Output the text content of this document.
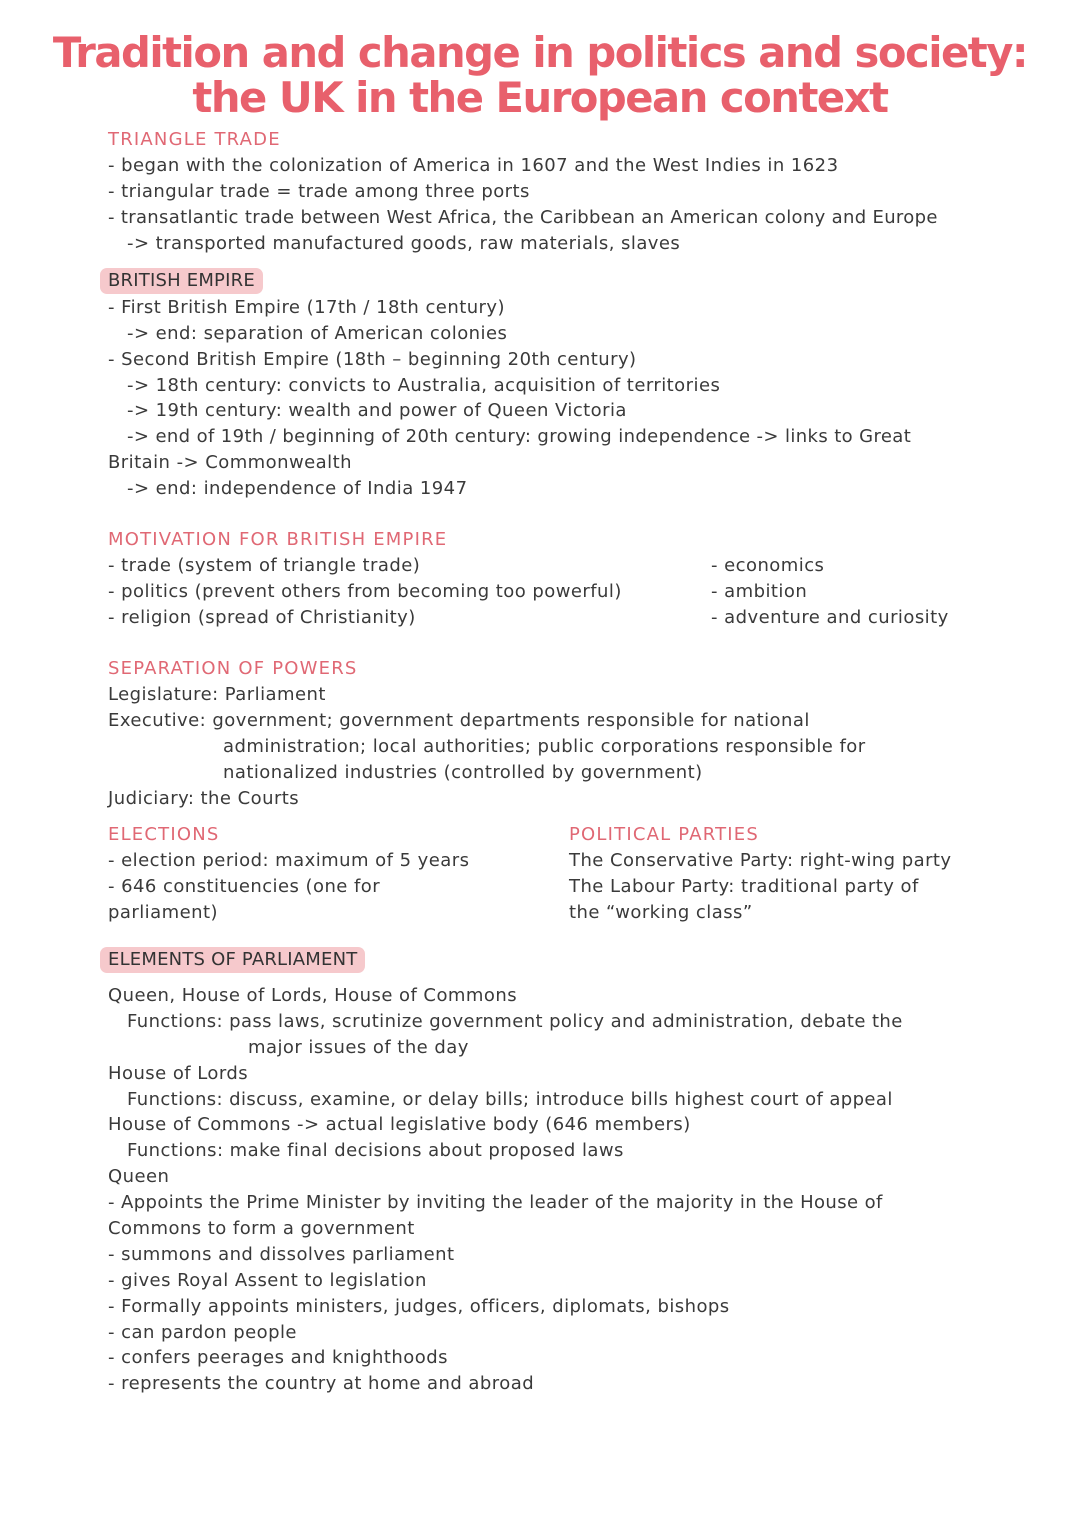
Tradition and change in politics and society:
the UK in the European context
TRIANGLE TRADE
- began with the colonization of America in 1607 and the West Indies in 1623
- triangular trade = trade among three ports
- transatlantic trade between West Africa, the Caribbean an American colony and Europe
-> transported manufactured goods, raw materials, slaves
BRITISH EMPIRE
- First British Empire (17th / 18th century)
-> end: separation of American colonies
- Second British Empire (18th – beginning 20th century)
-> 18th century: convicts to Australia, acquisition of territories
-> 19th century: wealth and power of Queen Victoria
-> end of 19th / beginning of 20th century: growing independence -> links to Great
Britain -> Commonwealth
-> end: independence of India 1947
MOTIVATION FOR BRITISH EMPIRE
- trade (system of triangle trade)
- politics (prevent others from becoming too powerful)
- religion (spread of Christianity)
- economics
- ambition
- adventure and curiosity
SEPARATION OF POWERS
Legislature: Parliament
Executive: government; government departments responsible for national
administration; local authorities; public corporations responsible for
nationalized industries (controlled by government)
Judiciary: the Courts
ELECTIONS
- election period: maximum of 5 years
- 646 constituencies (one for
parliament)
POLITICAL PARTIES
The Conservative Party: right-wing party
The Labour Party: traditional party of
the “working class”
ELEMENTS OF PARLIAMENT
Queen, House of Lords, House of Commons
Functions: pass laws, scrutinize government policy and administration, debate the
major issues of the day
House of Lords
Functions: discuss, examine, or delay bills; introduce bills highest court of appeal
House of Commons -> actual legislative body (646 members)
Functions: make final decisions about proposed laws
Queen
- Appoints the Prime Minister by inviting the leader of the majority in the House of
Commons to form a government
- summons and dissolves parliament
- gives Royal Assent to legislation
- Formally appoints ministers, judges, officers, diplomats, bishops
- can pardon people
- confers peerages and knighthoods
- represents the country at home and abroad
